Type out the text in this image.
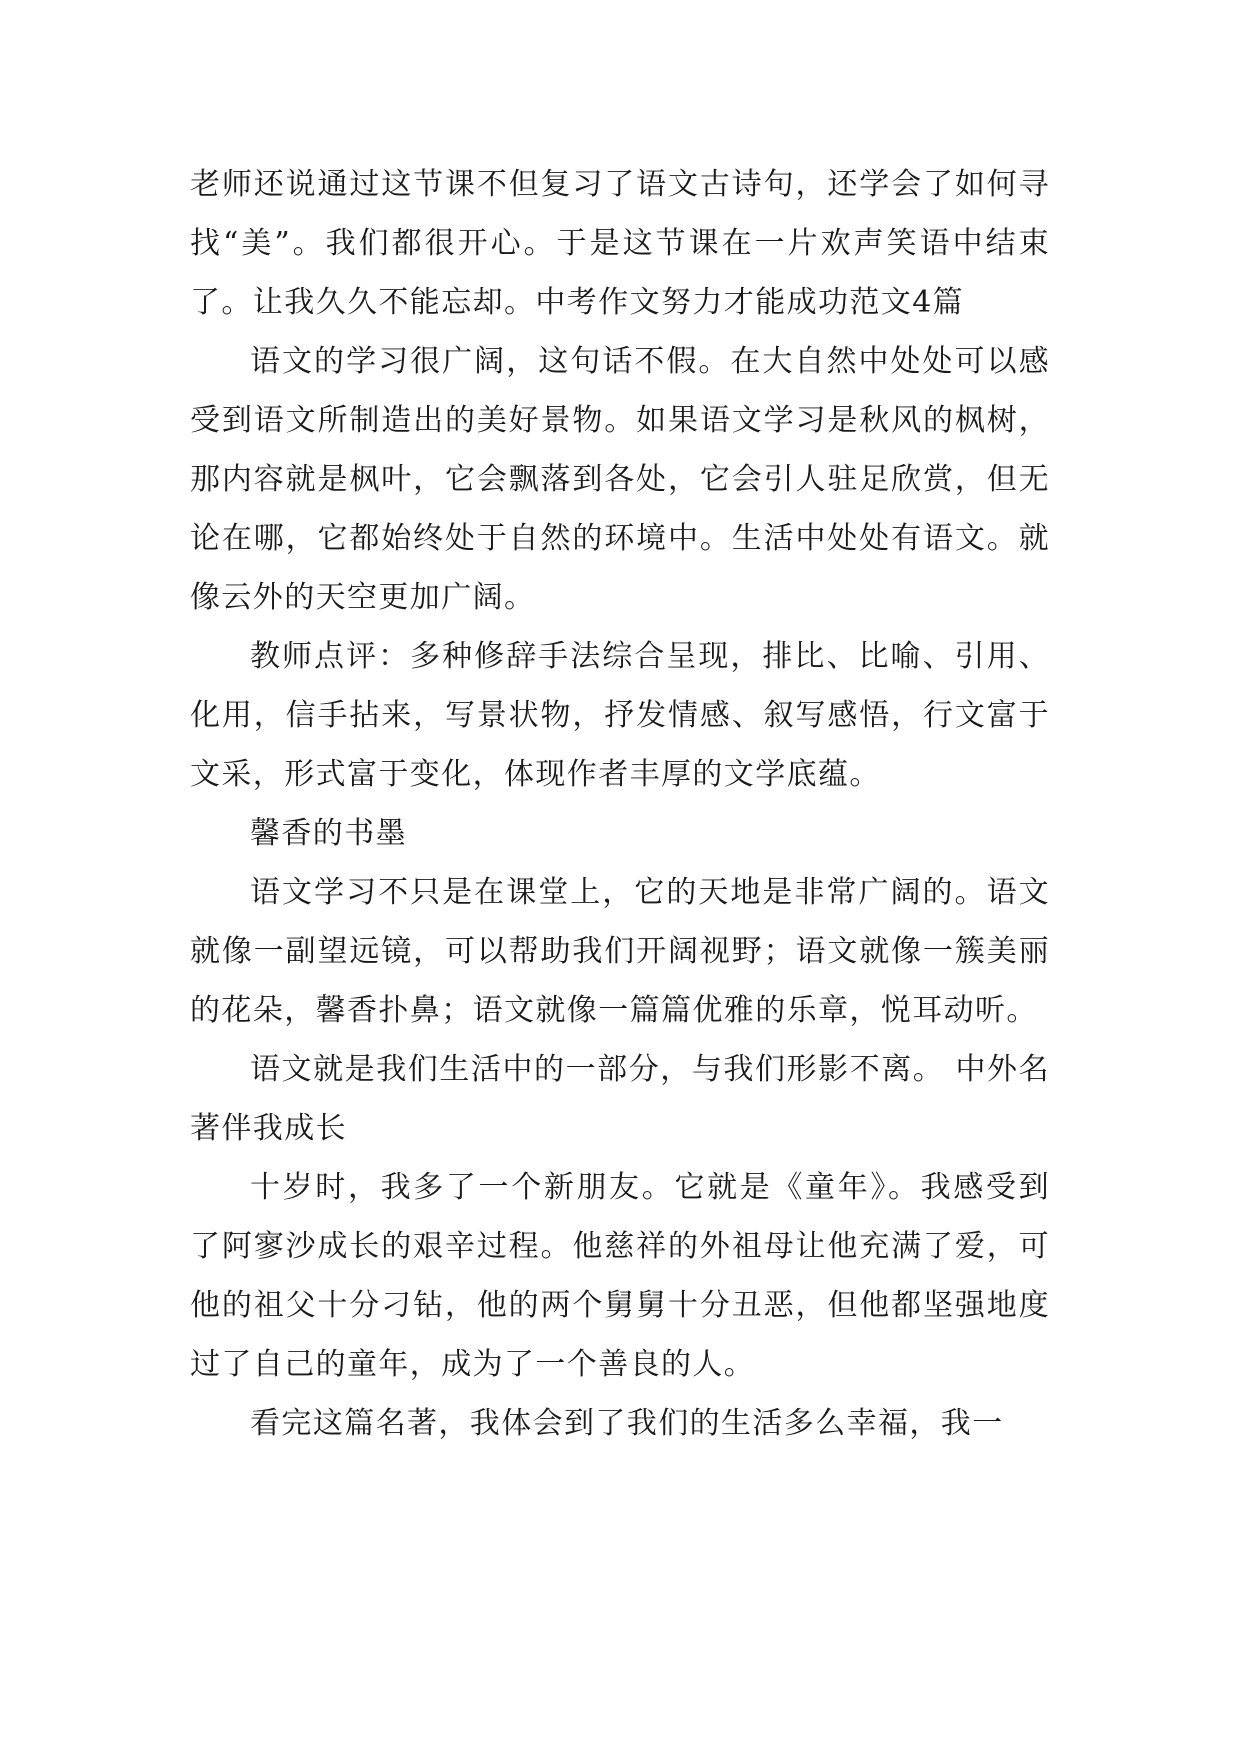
老师还说通过这节课不但复习了语文古诗句，还学会了如何寻找“美”。我们都很开心。于是这节课在一片欢声笑语中结束了。让我久久不能忘却。中考作文努力才能成功范文4篇

语文的学习很广阔，这句话不假。在大自然中处处可以感受到语文所制造出的美好景物。如果语文学习是秋风的枫树，那内容就是枫叶，它会飘落到各处，它会引人驻足欣赏，但无论在哪，它都始终处于自然的环境中。生活中处处有语文。就像云外的天空更加广阔。

教师点评：多种修辞手法综合呈现，排比、比喻、引用、化用，信手拈来，写景状物，抒发情感、叙写感悟，行文富于文采，形式富于变化，体现作者丰厚的文学底蕴。

馨香的书墨

语文学习不只是在课堂上，它的天地是非常广阔的。语文就像一副望远镜，可以帮助我们开阔视野；语文就像一簇美丽的花朵，馨香扑鼻；语文就像一篇篇优雅的乐章，悦耳动听。

语文就是我们生活中的一部分，与我们形影不离。 中外名著伴我成长

十岁时，我多了一个新朋友。它就是《童年》。我感受到了阿寥沙成长的艰辛过程。他慈祥的外祖母让他充满了爱，可他的祖父十分刁钻，他的两个舅舅十分丑恶，但他都坚强地度过了自己的童年，成为了一个善良的人。

看完这篇名著，我体会到了我们的生活多么幸福，我一
